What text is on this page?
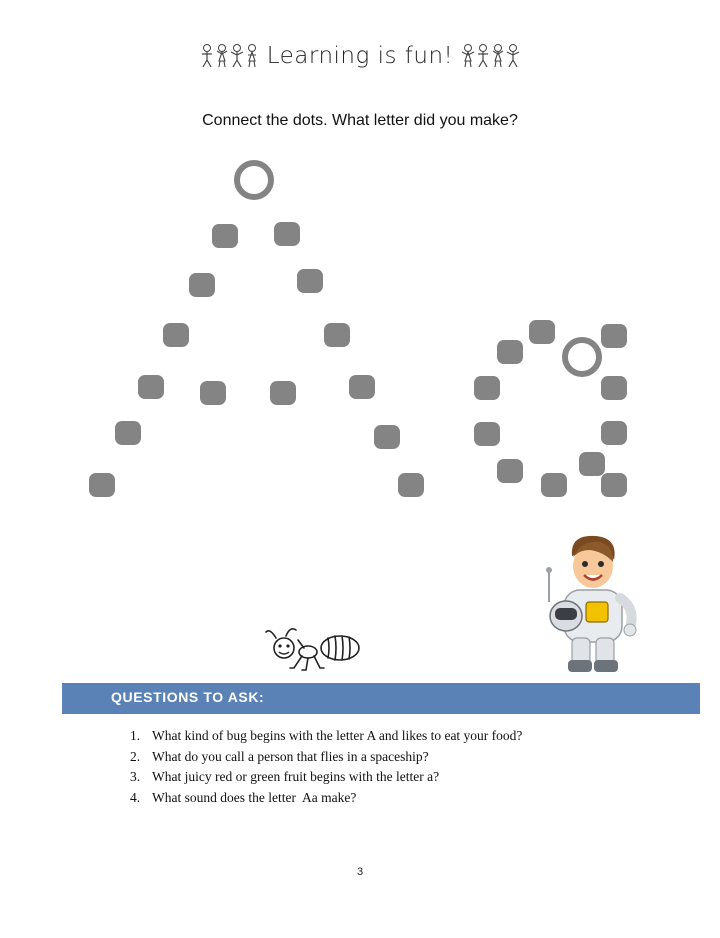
Learning is fun!
Connect the dots. What letter did you make?
QUESTIONS TO ASK:
1. What kind of bug begins with the letter A and likes to eat your food?
2. What do you call a person that flies in a spaceship?
3. What juicy red or green fruit begins with the letter a?
4. What sound does the letter  Aa make?
3
